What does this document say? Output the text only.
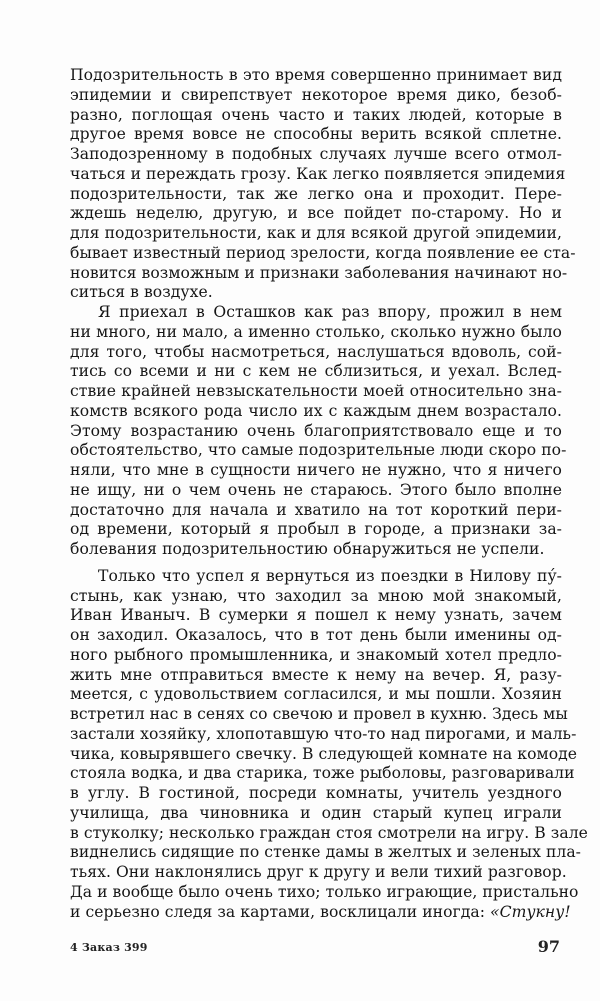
Подозрительность в это время совершенно принимает вид
эпидемии и свирепствует некоторое время дико, безоб-
разно, поглощая очень часто и таких людей, которые в
другое время вовсе не способны верить всякой сплетне.
Заподозренному в подобных случаях лучше всего отмол-
чаться и переждать грозу. Как легко появляется эпидемия
подозрительности, так же легко она и проходит. Пере-
ждешь неделю, другую, и все пойдет по-старому. Но и
для подозрительности, как и для всякой другой эпидемии,
бывает известный период зрелости, когда появление ее ста-
новится возможным и признаки заболевания начинают но-
ситься в воздухе.
Я приехал в Осташков как раз впору, прожил в нем
ни много, ни мало, а именно столько, сколько нужно было
для того, чтобы насмотреться, наслушаться вдоволь, сой-
тись со всеми и ни с кем не сблизиться, и уехал. Вслед-
ствие крайней невзыскательности моей относительно зна-
комств всякого рода число их с каждым днем возрастало.
Этому возрастанию очень благоприятствовало еще и то
обстоятельство, что самые подозрительные люди скоро по-
няли, что мне в сущности ничего не нужно, что я ничего
не ищу, ни о чем очень не стараюсь. Этого было вполне
достаточно для начала и хватило на тот короткий пери-
од времени, который я пробыл в городе, а признаки за-
болевания подозрительностию обнаружиться не успели.
Только что успел я вернуться из поездки в Нилову пу́-
стынь, как узнаю, что заходил за мною мой знакомый,
Иван Иваныч. В сумерки я пошел к нему узнать, зачем
он заходил. Оказалось, что в тот день были именины од-
ного рыбного промышленника, и знакомый хотел предло-
жить мне отправиться вместе к нему на вечер. Я, разу-
меется, с удовольствием согласился, и мы пошли. Хозяин
встретил нас в сенях со свечою и провел в кухню. Здесь мы
застали хозяйку, хлопотавшую что-то над пирогами, и маль-
чика, ковырявшего свечку. В следующей комнате на комоде
стояла водка, и два старика, тоже рыболовы, разговаривали
в углу. В гостиной, посреди комнаты, учитель уездного
училища, два чиновника и один старый купец играли
в стуколку; несколько граждан стоя смотрели на игру. В зале
виднелись сидящие по стенке дамы в желтых и зеленых пла-
тьях. Они наклонялись друг к другу и вели тихий разговор.
Да и вообще было очень тихо; только играющие, пристально
и серьезно следя за картами, восклицали иногда: «Стукну!
4 Заказ 399	97
